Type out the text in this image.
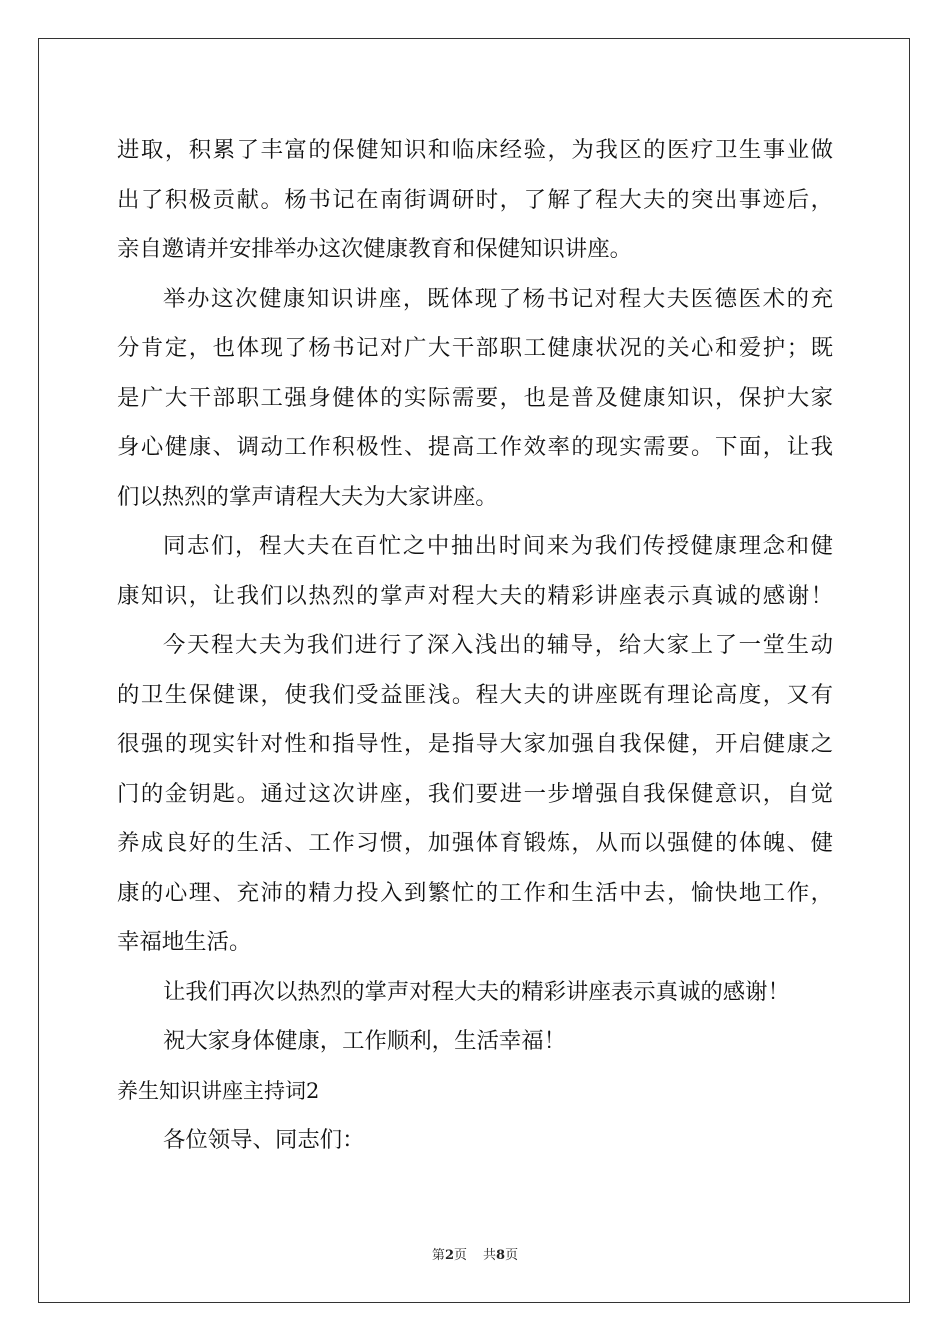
进取，积累了丰富的保健知识和临床经验，为我区的医疗卫生事业做
出了积极贡献。杨书记在南街调研时，了解了程大夫的突出事迹后，
亲自邀请并安排举办这次健康教育和保健知识讲座。
举办这次健康知识讲座，既体现了杨书记对程大夫医德医术的充
分肯定，也体现了杨书记对广大干部职工健康状况的关心和爱护；既
是广大干部职工强身健体的实际需要，也是普及健康知识，保护大家
身心健康、调动工作积极性、提高工作效率的现实需要。下面，让我
们以热烈的掌声请程大夫为大家讲座。
同志们，程大夫在百忙之中抽出时间来为我们传授健康理念和健
康知识，让我们以热烈的掌声对程大夫的精彩讲座表示真诚的感谢！
今天程大夫为我们进行了深入浅出的辅导，给大家上了一堂生动
的卫生保健课，使我们受益匪浅。程大夫的讲座既有理论高度，又有
很强的现实针对性和指导性，是指导大家加强自我保健，开启健康之
门的金钥匙。通过这次讲座，我们要进一步增强自我保健意识，自觉
养成良好的生活、工作习惯，加强体育锻炼，从而以强健的体魄、健
康的心理、充沛的精力投入到繁忙的工作和生活中去，愉快地工作，
幸福地生活。
让我们再次以热烈的掌声对程大夫的精彩讲座表示真诚的感谢！
祝大家身体健康，工作顺利，生活幸福！
养生知识讲座主持词2
各位领导、同志们：
第2页 共8页
